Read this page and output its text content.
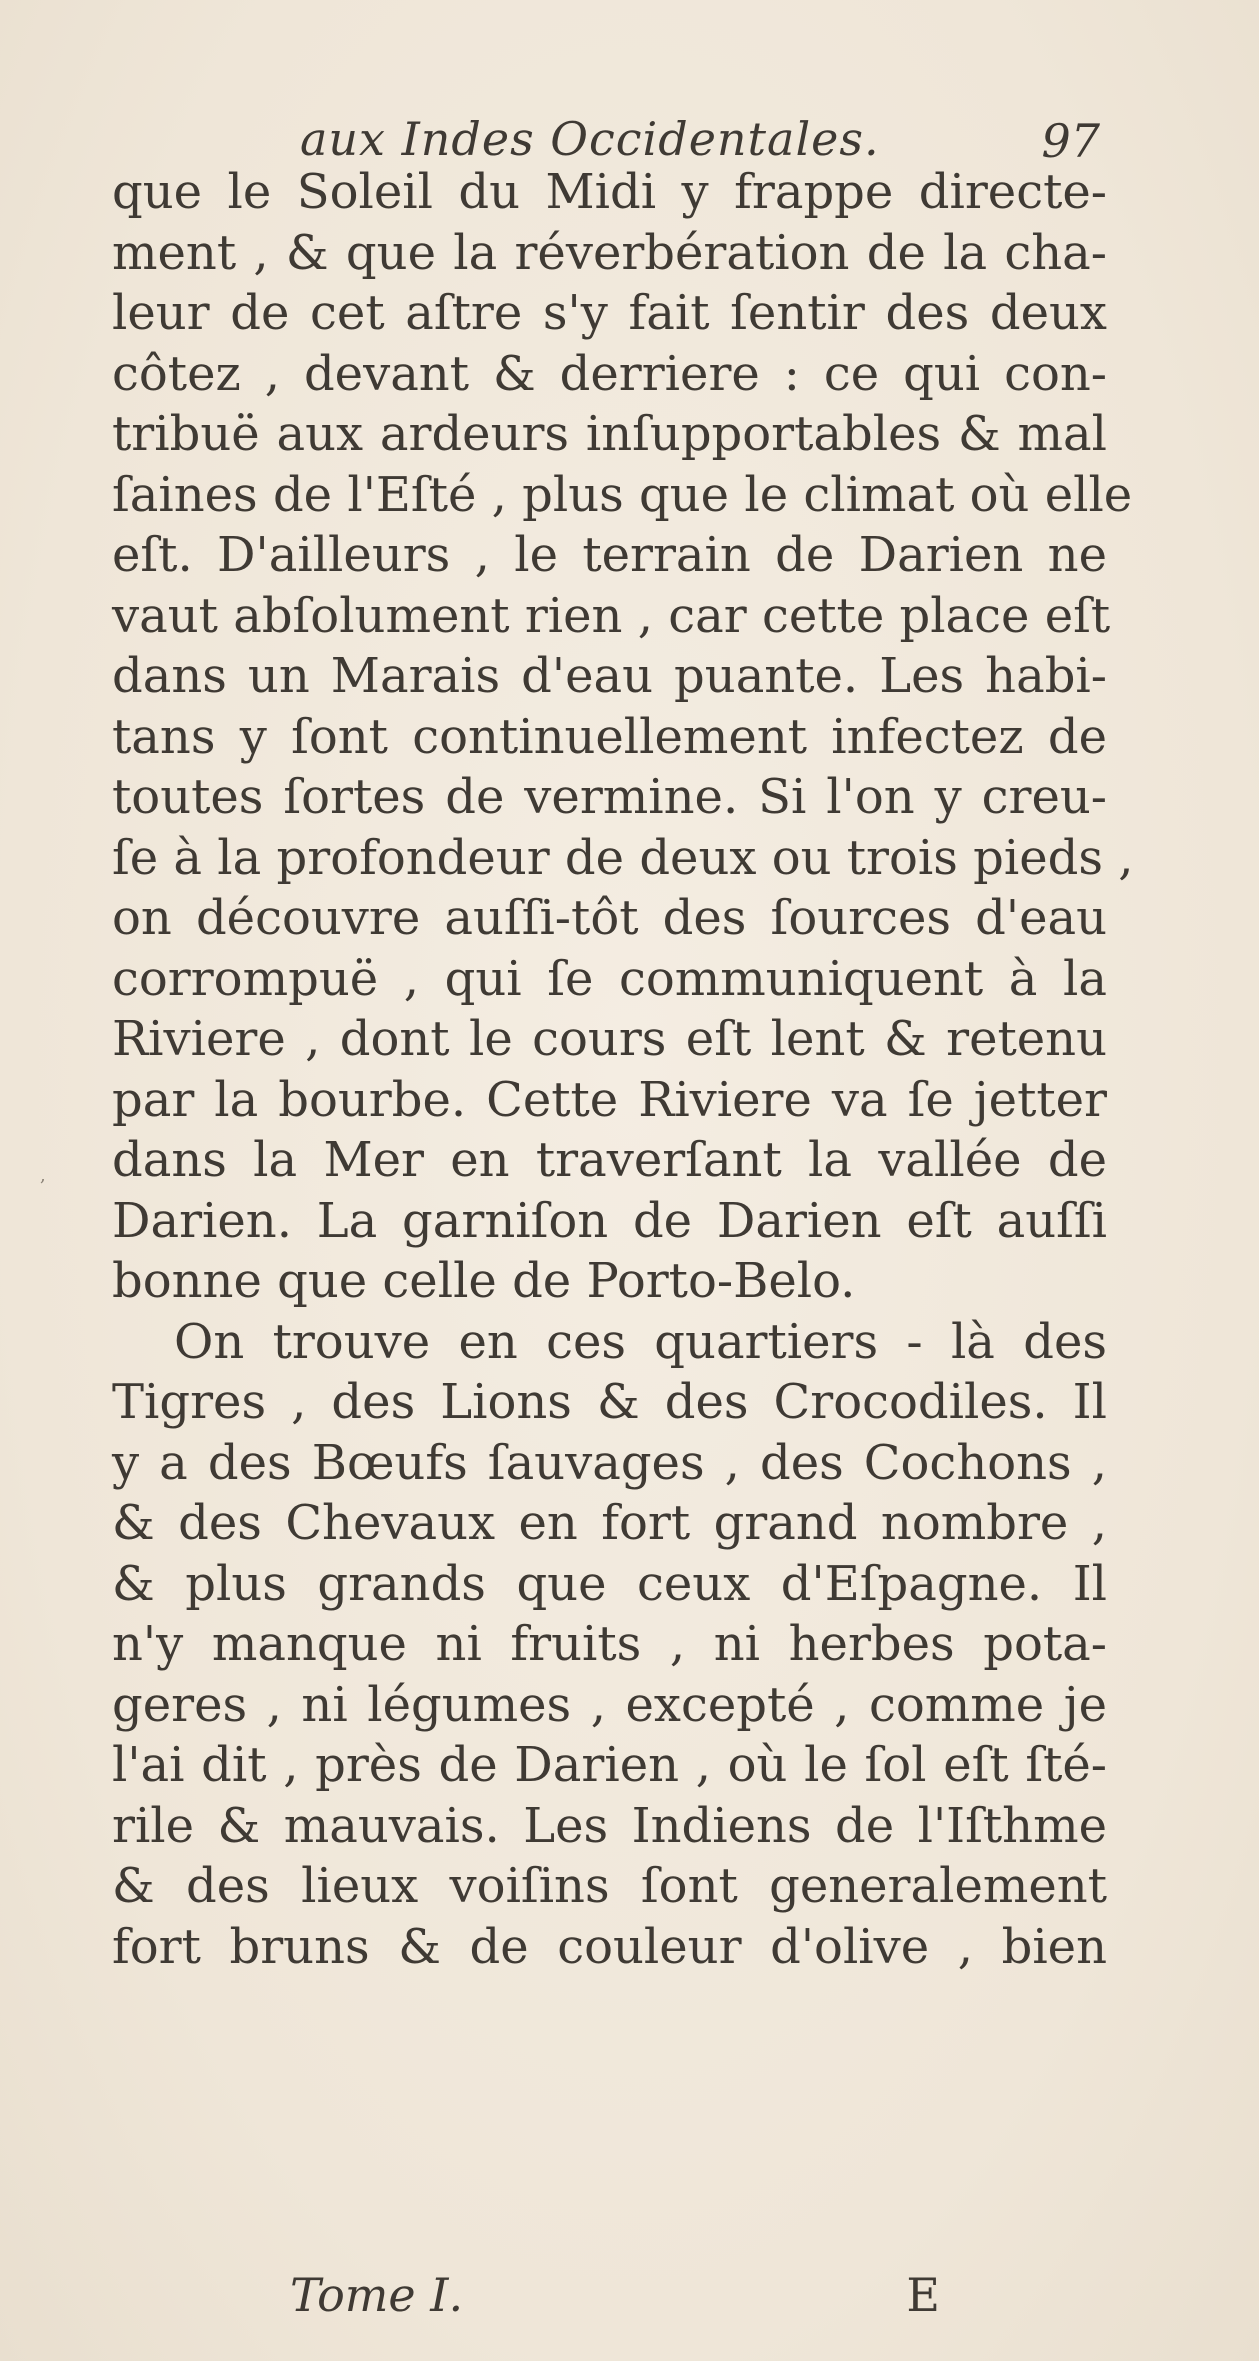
aux Indes Occidentales.	97
,
que le Soleil du Midi y frappe directe-
ment , & que la réverbération de la cha-
leur de cet aſtre s'y fait ſentir des deux
côtez , devant & derriere : ce qui con-
tribuë aux ardeurs inſupportables & mal
ſaines de l'Eſté , plus que le climat où elle
eſt. D'ailleurs , le terrain de Darien ne
vaut abſolument rien , car cette place eſt
dans un Marais d'eau puante. Les habi-
tans y ſont continuellement infectez de
toutes ſortes de vermine. Si l'on y creu-
ſe à la profondeur de deux ou trois pieds ,
on découvre auſſi-tôt des ſources d'eau
corrompuë , qui ſe communiquent à la
Riviere , dont le cours eſt lent & retenu
par la bourbe. Cette Riviere va ſe jetter
dans la Mer en traverſant la vallée de
Darien. La garniſon de Darien eſt auſſi
bonne que celle de Porto-Belo.
On trouve en ces quartiers - là des
Tigres , des Lions & des Crocodiles. Il
y a des Bœufs ſauvages , des Cochons ,
& des Chevaux en fort grand nombre ,
& plus grands que ceux d'Eſpagne. Il
n'y manque ni fruits , ni herbes pota-
geres , ni légumes , excepté , comme je
l'ai dit , près de Darien , où le ſol eſt ſté-
rile & mauvais. Les Indiens de l'Iſthme
& des lieux voiſins ſont generalement
fort bruns & de couleur d'olive , bien
Tome I.	E
